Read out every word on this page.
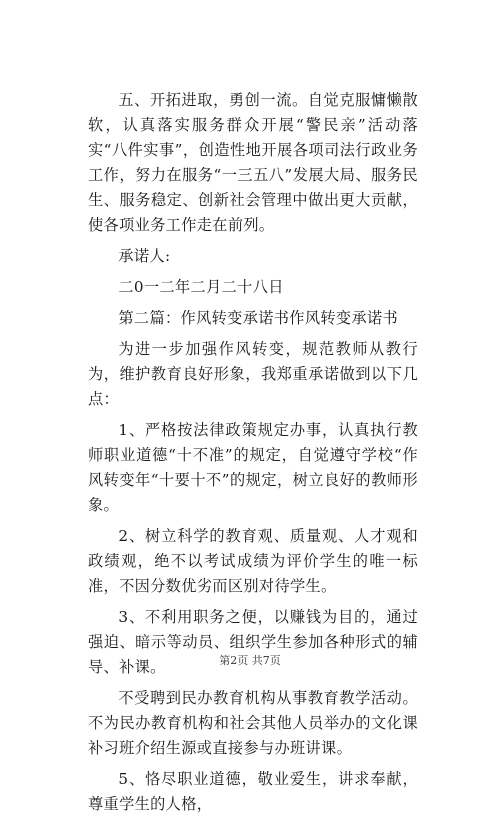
五、开拓进取，勇创一流。自觉克服慵懒散软，认真落实服务群众开展“警民亲”活动落实“八件实事”，创造性地开展各项司法行政业务工作，努力在服务“一三五八”发展大局、服务民生、服务稳定、创新社会管理中做出更大贡献，使各项业务工作走在前列。

承诺人:

二0一二年二月二十八日

第二篇：作风转变承诺书作风转变承诺书

为进一步加强作风转变，规范教师从教行为，维护教育良好形象，我郑重承诺做到以下几点：

1、严格按法律政策规定办事，认真执行教师职业道德“十不准”的规定，自觉遵守学校“作风转变年“十要十不”的规定，树立良好的教师形象。

2、树立科学的教育观、质量观、人才观和政绩观，绝不以考试成绩为评价学生的唯一标准，不因分数优劣而区别对待学生。

3、不利用职务之便，以赚钱为目的，通过强迫、暗示等动员、组织学生参加各种形式的辅导、补课。

不受聘到民办教育机构从事教育教学活动。不为民办教育机构和社会其他人员举办的文化课补习班介绍生源或直接参与办班讲课。

5、恪尽职业道德，敬业爱生，讲求奉献，尊重学生的人格，

第2页 共7页
